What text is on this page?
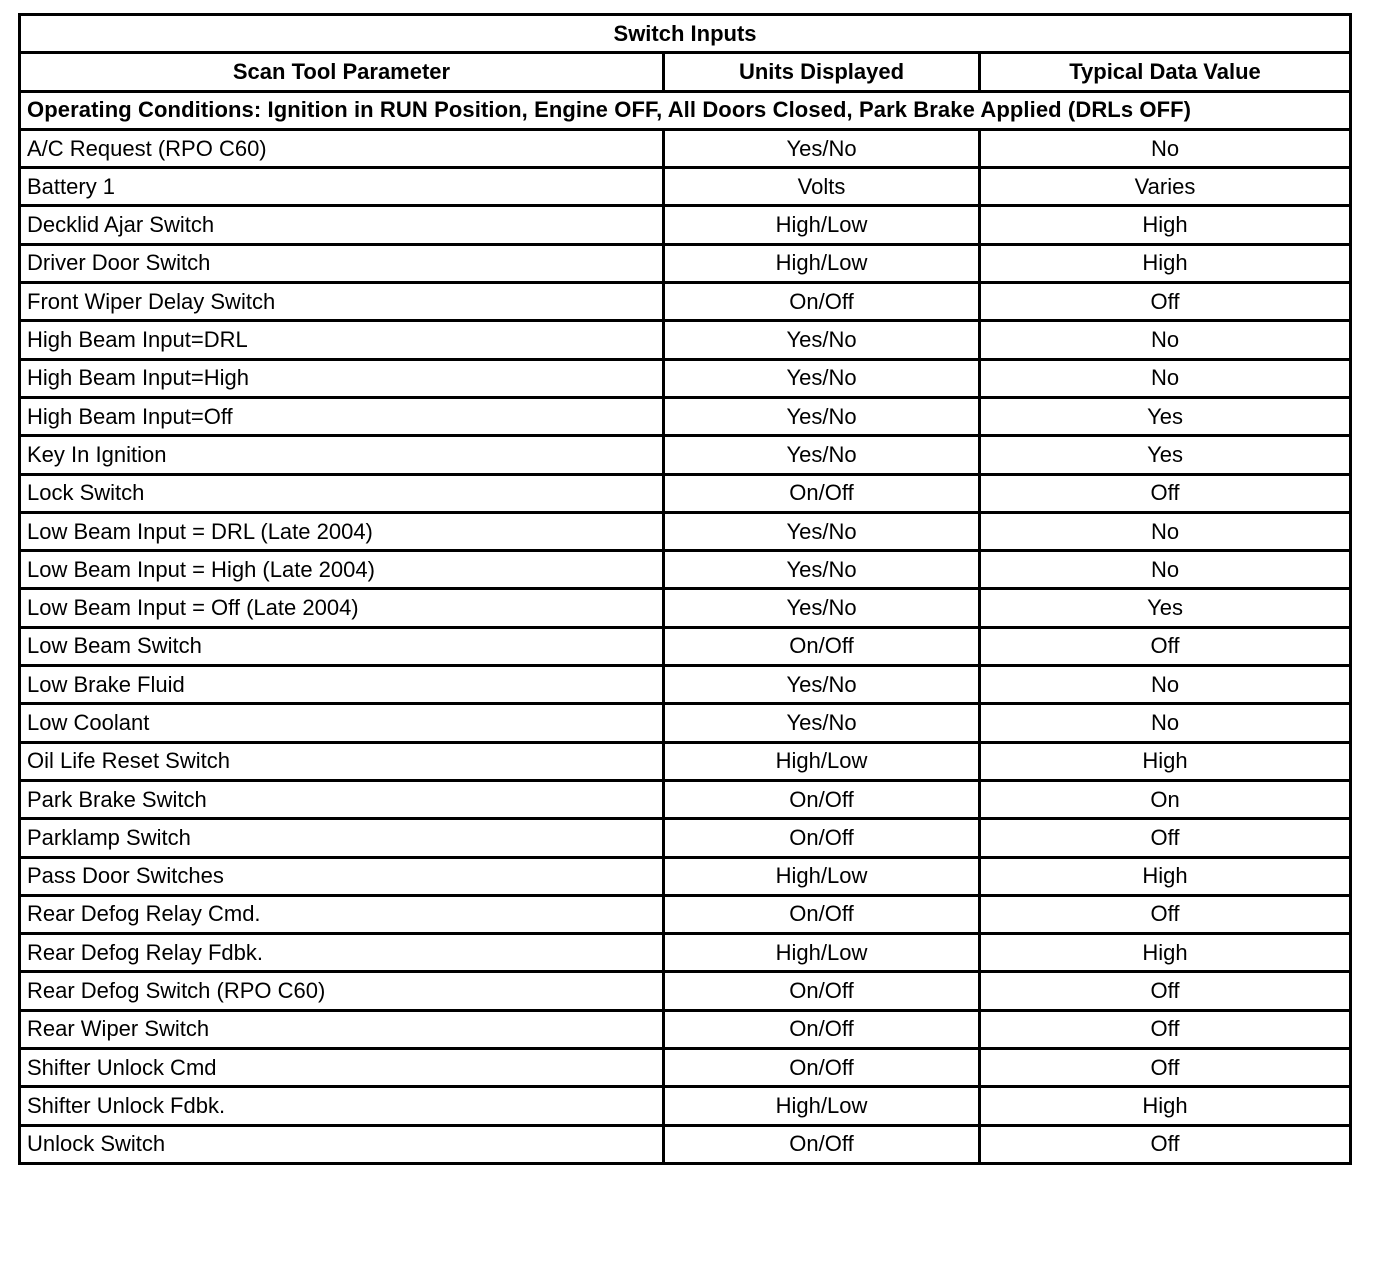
Switch Inputs		
Scan Tool Parameter	Units Displayed	Typical Data Value
Operating Conditions: Ignition in RUN Position, Engine OFF, All Doors Closed, Park Brake Applied (DRLs OFF)		
A/C Request (RPO C60)	Yes/No	No
Battery 1	Volts	Varies
Decklid Ajar Switch	High/Low	High
Driver Door Switch	High/Low	High
Front Wiper Delay Switch	On/Off	Off
High Beam Input=DRL	Yes/No	No
High Beam Input=High	Yes/No	No
High Beam Input=Off	Yes/No	Yes
Key In Ignition	Yes/No	Yes
Lock Switch	On/Off	Off
Low Beam Input = DRL (Late 2004)	Yes/No	No
Low Beam Input = High (Late 2004)	Yes/No	No
Low Beam Input = Off (Late 2004)	Yes/No	Yes
Low Beam Switch	On/Off	Off
Low Brake Fluid	Yes/No	No
Low Coolant	Yes/No	No
Oil Life Reset Switch	High/Low	High
Park Brake Switch	On/Off	On
Parklamp Switch	On/Off	Off
Pass Door Switches	High/Low	High
Rear Defog Relay Cmd.	On/Off	Off
Rear Defog Relay Fdbk.	High/Low	High
Rear Defog Switch (RPO C60)	On/Off	Off
Rear Wiper Switch	On/Off	Off
Shifter Unlock Cmd	On/Off	Off
Shifter Unlock Fdbk.	High/Low	High
Unlock Switch	On/Off	Off
